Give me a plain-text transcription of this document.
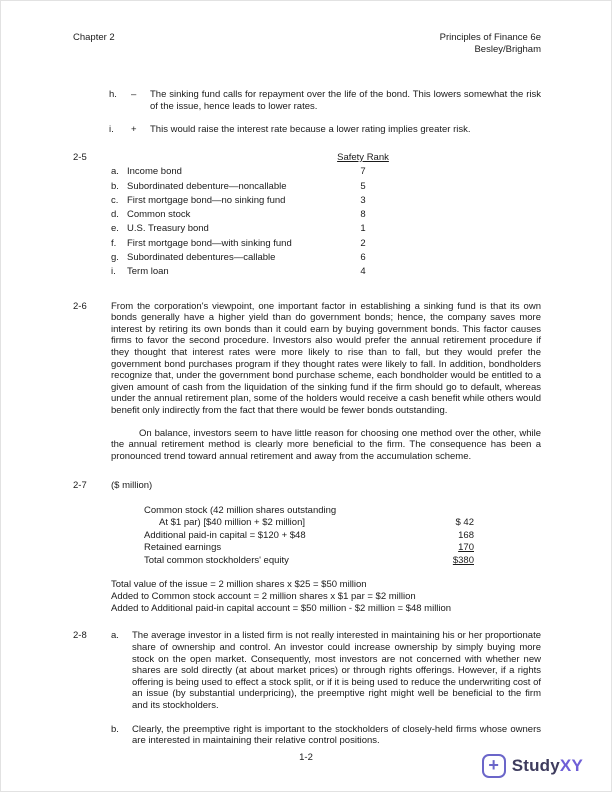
Chapter 2	Principles of Finance 6e
Besley/Brigham
h.	–	The sinking fund calls for repayment over the life of the bond. This lowers somewhat the risk of the issue, hence leads to lower rates.
i.	+	This would raise the interest rate because a lower rating implies greater risk.
2-5	Safety Rank
a. Income bond	7
b. Subordinated debenture—noncallable	5
c. First mortgage bond—no sinking fund	3
d. Common stock	8
e. U.S. Treasury bond	1
f.	First mortgage bond—with sinking fund	2
g. Subordinated debentures—callable	6
i.	Term loan	4
2-6	From the corporation's viewpoint, one important factor in establishing a sinking fund is that its own bonds generally have a higher yield than do government bonds; hence, the company saves more interest by retiring its own bonds than it could earn by buying government bonds. This factor causes firms to favor the second procedure. Investors also would prefer the annual retirement procedure if they thought that interest rates were more likely to rise than to fall, but they would prefer the government bond purchases program if they thought rates were likely to fall. In addition, bondholders recognize that, under the government bond purchase scheme, each bondholder would be entitled to a given amount of cash from the liquidation of the sinking fund if the firm should go to default, whereas under the annual retirement plan, some of the holders would receive a cash benefit while others would benefit only indirectly from the fact that there would be fewer bonds outstanding.
On balance, investors seem to have little reason for choosing one method over the other, while the annual retirement method is clearly more beneficial to the firm. The consequence has been a pronounced trend toward annual retirement and away from the accumulation scheme.
2-7	($ million)
Common stock (42 million shares outstanding
At $1 par) [$40 million + $2 million]	$ 42
Additional paid-in capital = $120 + $48	168
Retained earnings	170
Total common stockholders' equity	$380
Total value of the issue = 2 million shares x $25 = $50 million
Added to Common stock account = 2 million shares x $1 par = $2 million
Added to Additional paid-in capital account = $50 million - $2 million = $48 million
2-8	a.	The average investor in a listed firm is not really interested in maintaining his or her proportionate share of ownership and control. An investor could increase ownership by simply buying more stock on the open market. Consequently, most investors are not concerned with whether new shares are sold directly (at about market prices) or through rights offerings. However, if a rights offering is being used to effect a stock split, or if it is being used to reduce the underwriting cost of an issue (by substantial underpricing), the preemptive right might well be beneficial to the firm and its stockholders.
b.	Clearly, the preemptive right is important to the stockholders of closely-held firms whose owners are interested in maintaining their relative control positions.
1-2	+ StudyXY
